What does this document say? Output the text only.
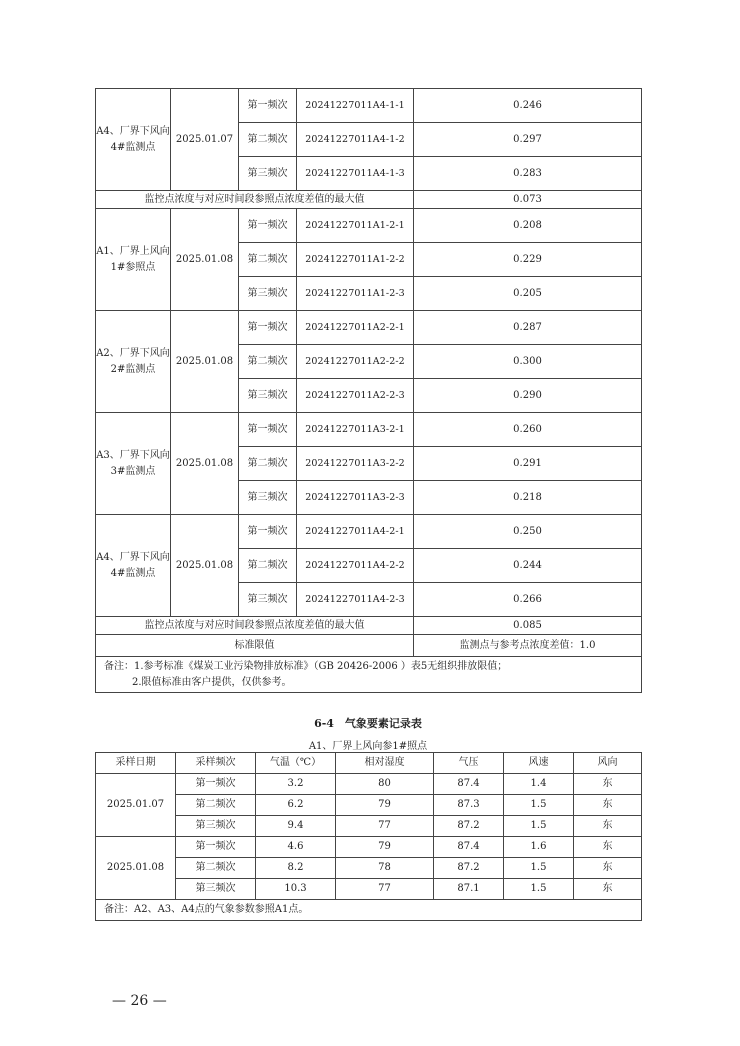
A4、厂界下风向4#监测点	2025.01.07	第一频次	20241227011A4-1-1	0.246
		第二频次	20241227011A4-1-2	0.297
		第三频次	20241227011A4-1-3	0.283
监控点浓度与对应时间段参照点浓度差值的最大值				0.073
A1、厂界上风向1#参照点	2025.01.08	第一频次	20241227011A1-2-1	0.208
		第二频次	20241227011A1-2-2	0.229
		第三频次	20241227011A1-2-3	0.205
A2、厂界下风向2#监测点	2025.01.08	第一频次	20241227011A2-2-1	0.287
		第二频次	20241227011A2-2-2	0.300
		第三频次	20241227011A2-2-3	0.290
A3、厂界下风向3#监测点	2025.01.08	第一频次	20241227011A3-2-1	0.260
		第二频次	20241227011A3-2-2	0.291
		第三频次	20241227011A3-2-3	0.218
A4、厂界下风向4#监测点	2025.01.08	第一频次	20241227011A4-2-1	0.250
		第二频次	20241227011A4-2-2	0.244
		第三频次	20241227011A4-2-3	0.266
监控点浓度与对应时间段参照点浓度差值的最大值				0.085
标准限值				监测点与参考点浓度差值：1.0

备注：1.参考标准《煤炭工业污染物排放标准》（GB 20426-2006 ）表5无组织排放限值；
2.限值标准由客户提供，仅供参考。				
6-4　气象要素记录表
A1、厂界上风向参1#照点
采样日期	采样频次	气温（℃）	相对湿度	气压	风速	风向
2025.01.07	第一频次	3.2	80	87.4	1.4	东
	第二频次	6.2	79	87.3	1.5	东
	第三频次	9.4	77	87.2	1.5	东
2025.01.08	第一频次	4.6	79	87.4	1.6	东
	第二频次	8.2	78	87.2	1.5	东
	第三频次	10.3	77	87.1	1.5	东
备注：A2、A3、A4点的气象参数参照A1点。						
— 26 —
